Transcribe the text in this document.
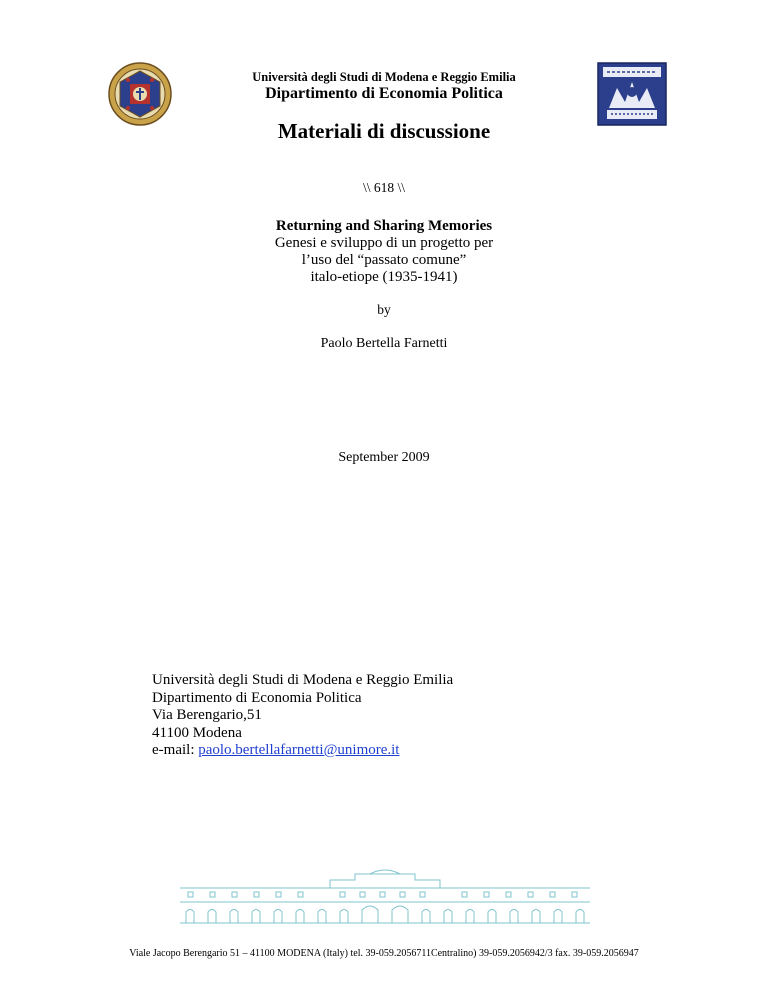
Università degli Studi di Modena e Reggio Emilia
Dipartimento di Economia Politica
Materiali di discussione
\\ 618 \\
Returning and Sharing Memories
Genesi e sviluppo di un progetto per
l’uso del “passato comune”
italo-etiope (1935-1941)
by
Paolo Bertella Farnetti
September 2009
Università degli Studi di Modena e Reggio Emilia
Dipartimento di Economia Politica
Via Berengario,51
41100 Modena
e-mail: paolo.bertellafarnetti@unimore.it
Viale Jacopo Berengario 51 – 41100 MODENA (Italy) tel. 39-059.2056711Centralino) 39-059.2056942/3 fax. 39-059.2056947
